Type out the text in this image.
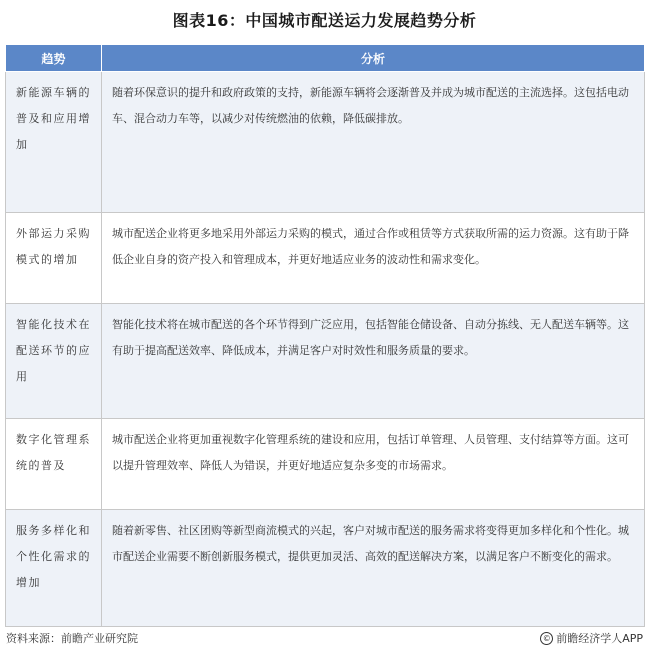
图表16：中国城市配送运力发展趋势分析
趋势	分析
新能源车辆的普及和应用增加	随着环保意识的提升和政府政策的支持，新能源车辆将会逐渐普及并成为城市配送的主流选择。这包括电动车、混合动力车等，以减少对传统燃油的依赖，降低碳排放。
外部运力采购模式的增加	城市配送企业将更多地采用外部运力采购的模式，通过合作或租赁等方式获取所需的运力资源。这有助于降低企业自身的资产投入和管理成本，并更好地适应业务的波动性和需求变化。
智能化技术在配送环节的应用	智能化技术将在城市配送的各个环节得到广泛应用，包括智能仓储设备、自动分拣线、无人配送车辆等。这有助于提高配送效率、降低成本，并满足客户对时效性和服务质量的要求。
数字化管理系统的普及	城市配送企业将更加重视数字化管理系统的建设和应用，包括订单管理、人员管理、支付结算等方面。这可以提升管理效率、降低人为错误，并更好地适应复杂多变的市场需求。
服务多样化和个性化需求的增加	随着新零售、社区团购等新型商流模式的兴起，客户对城市配送的服务需求将变得更加多样化和个性化。城市配送企业需要不断创新服务模式，提供更加灵活、高效的配送解决方案，以满足客户不断变化的需求。
资料来源：前瞻产业研究院	© 前瞻经济学人APP
